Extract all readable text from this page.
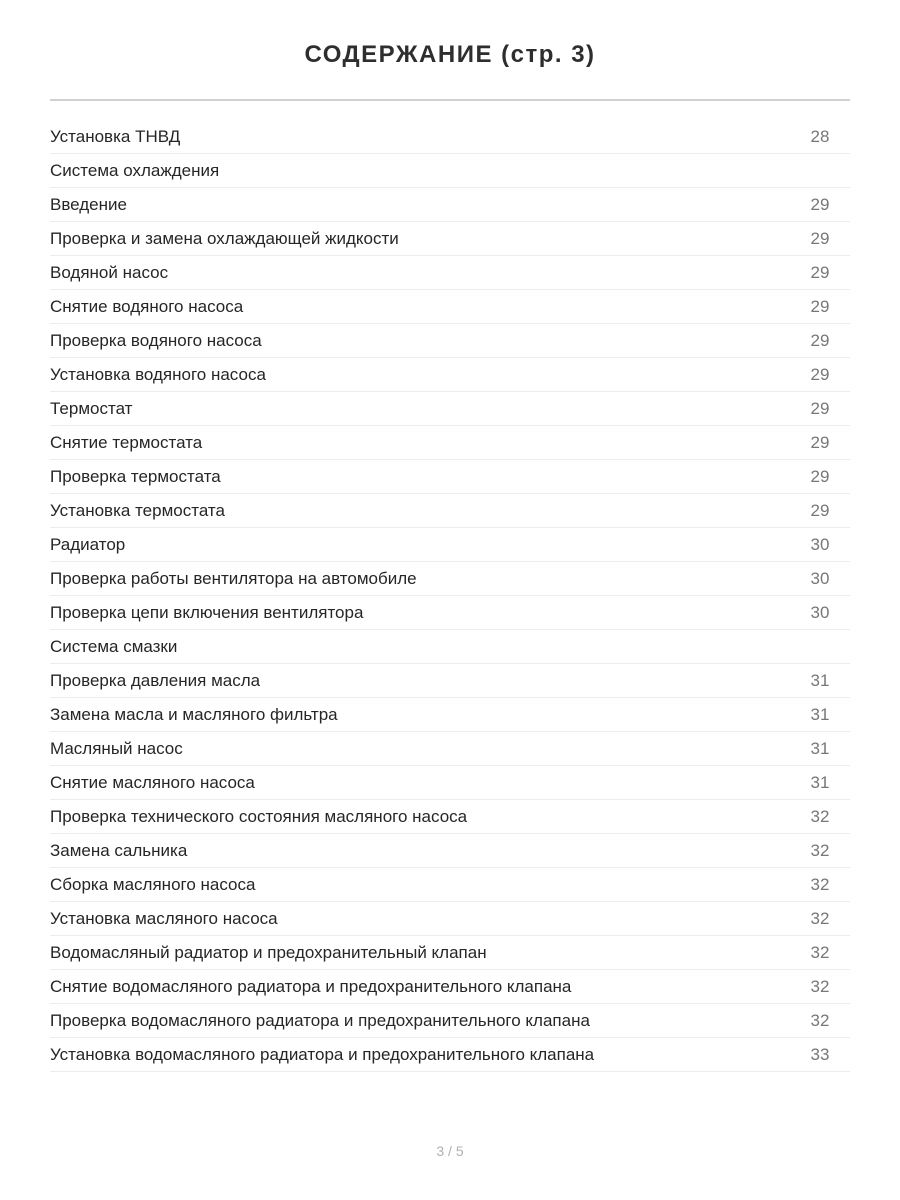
СОДЕРЖАНИЕ (стр. 3)
Установка ТНВД	28
Система охлаждения
Введение	29
Проверка и замена охлаждающей жидкости	29
Водяной насос	29
Снятие водяного насоса	29
Проверка водяного насоса	29
Установка водяного насоса	29
Термостат	29
Снятие термостата	29
Проверка термостата	29
Установка термостата	29
Радиатор	30
Проверка работы вентилятора на автомобиле	30
Проверка цепи включения вентилятора	30
Система смазки
Проверка давления масла	31
Замена масла и масляного фильтра	31
Масляный насос	31
Снятие масляного насоса	31
Проверка технического состояния масляного насоса	32
Замена сальника	32
Сборка масляного насоса	32
Установка масляного насоса	32
Водомасляный радиатор и предохранительный клапан	32
Снятие водомасляного радиатора и предохранительного клапана	32
Проверка водомасляного радиатора и предохранительного клапана	32
Установка водомасляного радиатора и предохранительного клапана	33
3 / 5
